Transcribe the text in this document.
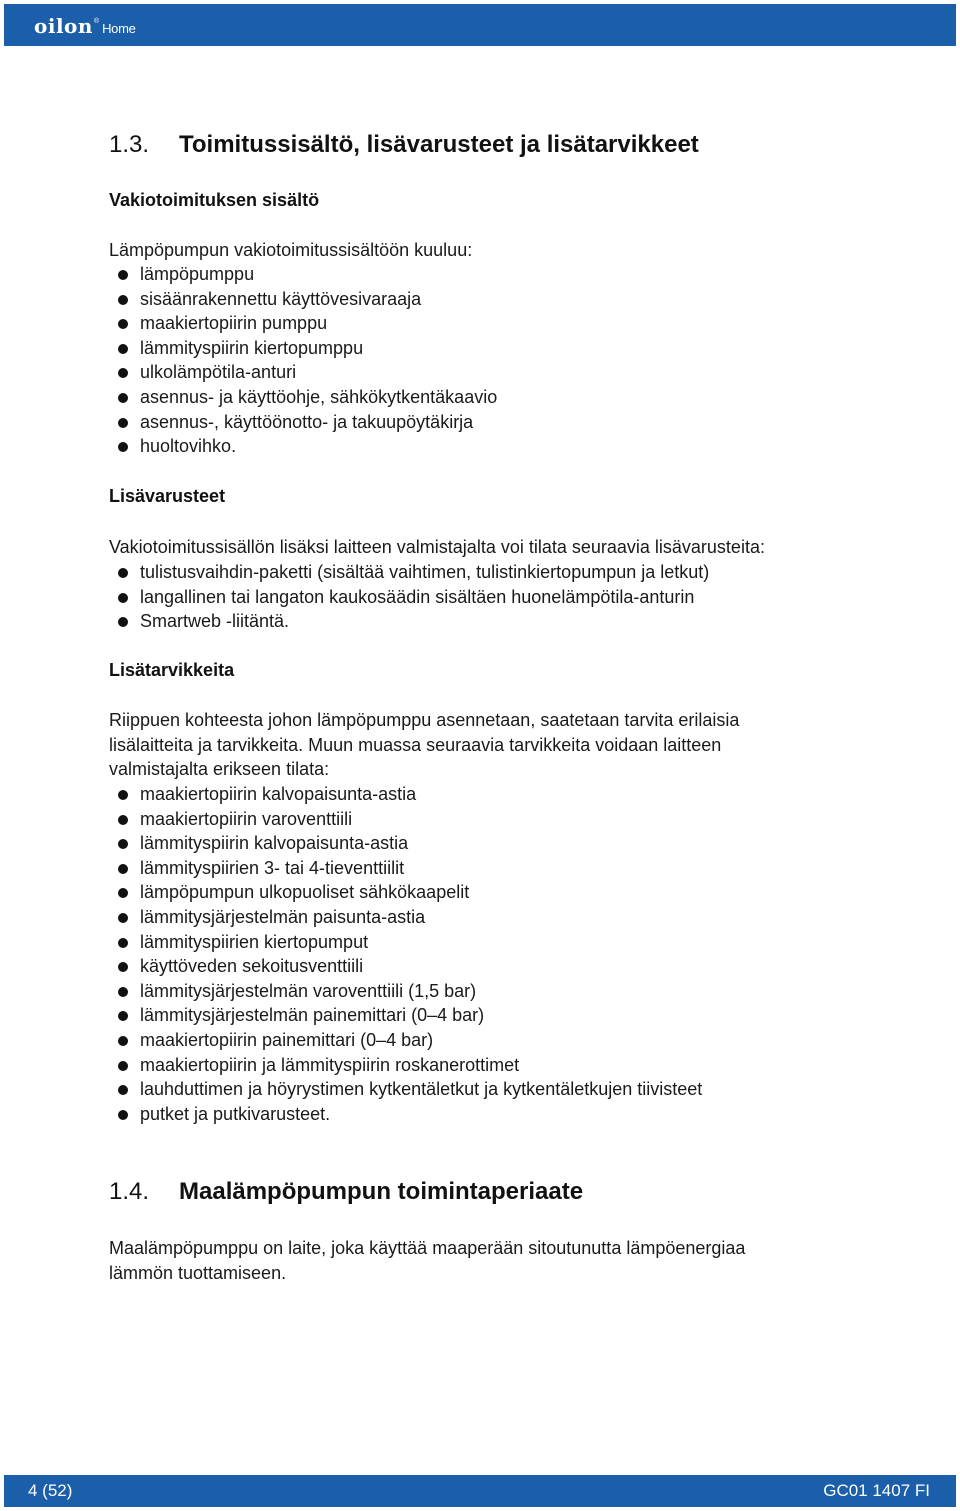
oilon ® Home
1.3. Toimitussisältö, lisävarusteet ja lisätarvikkeet
Vakiotoimituksen sisältö
Lämpöpumpun vakiotoimitussisältöön kuuluu:
lämpöpumppu
sisäänrakennettu käyttövesivaraaja
maakiertopiirin pumppu
lämmityspiirin kiertopumppu
ulkolämpötila-anturi
asennus- ja käyttöohje, sähkökytkentäkaavio
asennus-, käyttöönotto- ja takuupöytäkirja
huoltovihko.
Lisävarusteet
Vakiotoimitussisällön lisäksi laitteen valmistajalta voi tilata seuraavia lisävarusteita:
tulistusvaihdin-paketti (sisältää vaihtimen, tulistinkiertopumpun ja letkut)
langallinen tai langaton kaukosäädin sisältäen huonelämpötila-anturin
Smartweb -liitäntä.
Lisätarvikkeita
Riippuen kohteesta johon lämpöpumppu asennetaan, saatetaan tarvita erilaisia
lisälaitteita ja tarvikkeita. Muun muassa seuraavia tarvikkeita voidaan laitteen
valmistajalta erikseen tilata:
maakiertopiirin kalvopaisunta-astia
maakiertopiirin varoventtiili
lämmityspiirin kalvopaisunta-astia
lämmityspiirien 3- tai 4-tieventtiilit
lämpöpumpun ulkopuoliset sähkökaapelit
lämmitysjärjestelmän paisunta-astia
lämmityspiirien kiertopumput
käyttöveden sekoitusventtiili
lämmitysjärjestelmän varoventtiili (1,5 bar)
lämmitysjärjestelmän painemittari (0–4 bar)
maakiertopiirin painemittari (0–4 bar)
maakiertopiirin ja lämmityspiirin roskanerottimet
lauhduttimen ja höyrystimen kytkentäletkut ja kytkentäletkujen tiivisteet
putket ja putkivarusteet.
1.4. Maalämpöpumpun toimintaperiaate
Maalämpöpumppu on laite, joka käyttää maaperään sitoutunutta lämpöenergiaa
lämmön tuottamiseen.
4 (52)	GC01 1407 FI
